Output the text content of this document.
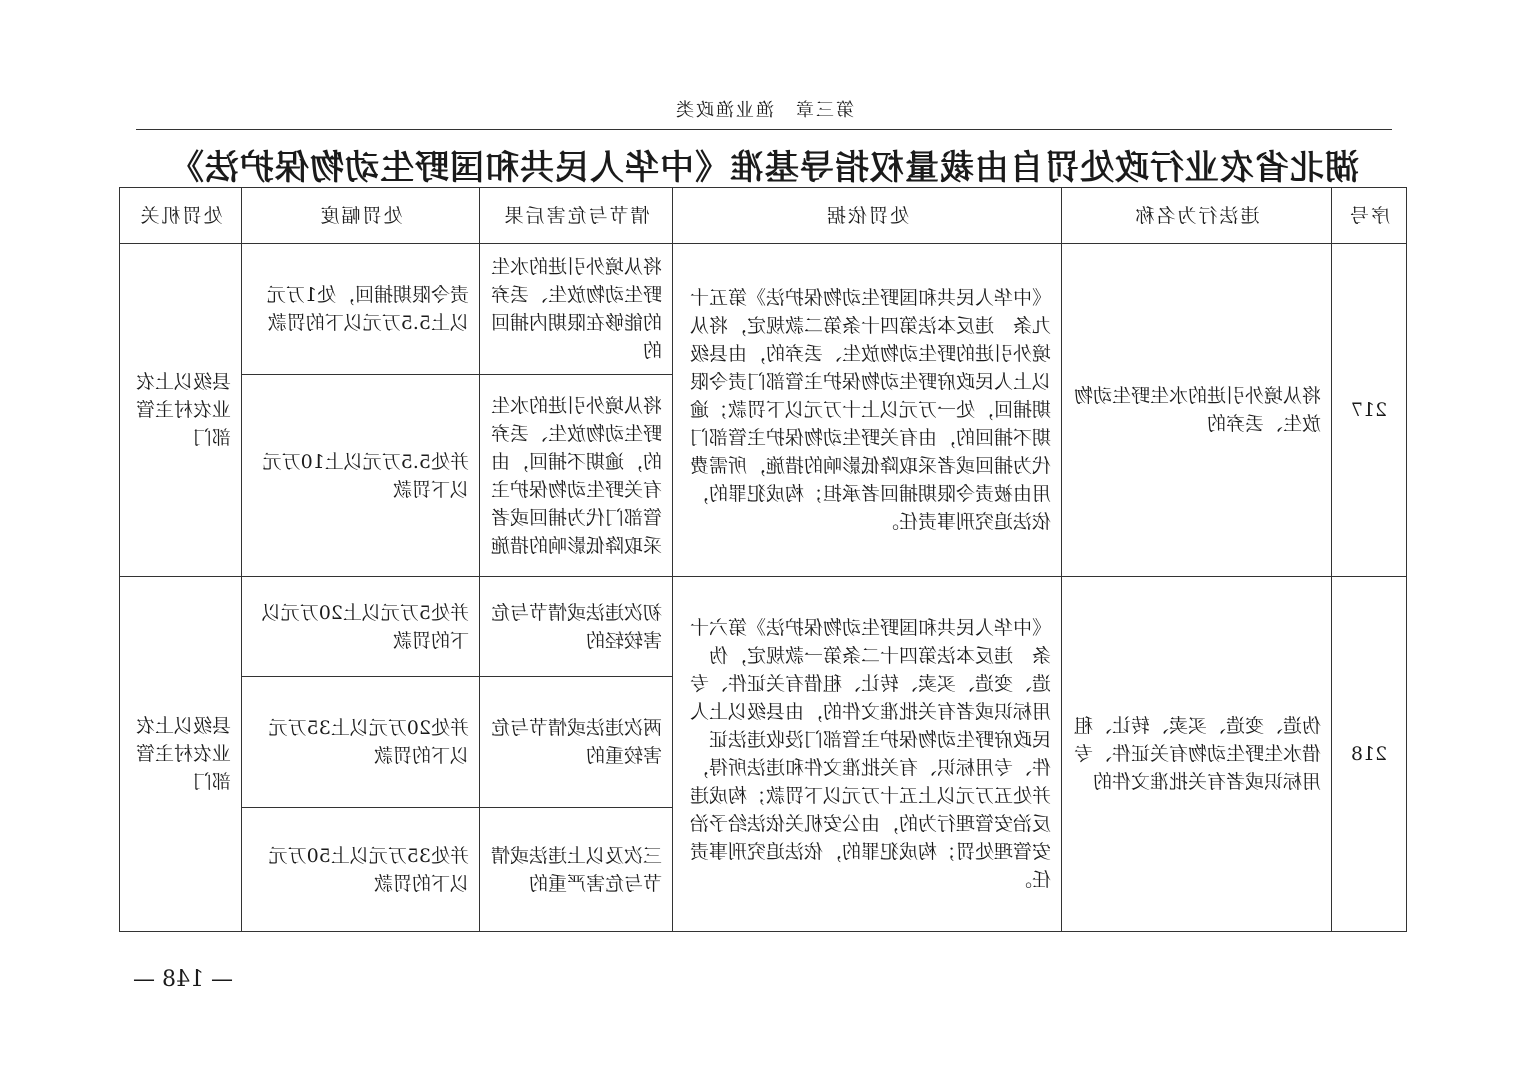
第三章　渔业渔政类
湖北省农业行政处罚自由裁量权指导基准《中华人民共和国野生动物保护法》
序号	违法行为名称	处罚依据	情节与危害后果	处罚幅度	处罚机关
217	将从境外引进的水生野生动物放生、丢弃的	《中华人民共和国野生动物保护法》第五十九条　违反本法第四十条第二款规定，将从境外引进的野生动物放生、丢弃的，由县级以上人民政府野生动物保护主管部门责令限期捕回，处一万元以上十万元以下罚款；逾期不捕回的，由有关野生动物保护主管部门代为捕回或者采取降低影响的措施，所需费用由被责令限期捕回者承担；构成犯罪的，依法追究刑事责任。	将从境外引进的水生野生动物放生、丢弃的能够在限期内捕回的	责令限期捕回，处1万元以上5.5万元以下的罚款	县级以上农业农村主管部门
			将从境外引进的水生野生动物放生、丢弃的，逾期不捕回，由有关野生动物保护主管部门代为捕回或者采取降低影响的措施	并处5.5万元以上10万元以下罚款	
218	伪造、变造、买卖、转让、租借水生野生动物有关证件、专用标识或者有关批准文件的	《中华人民共和国野生动物保护法》第六十条　违反本法第四十二条第一款规定，伪造、变造、买卖、转让、租借有关证件、专用标识或者有关批准文件的，由县级以上人民政府野生动物保护主管部门没收违法证件、专用标识、有关批准文件和违法所得，并处五万元以上五十万元以下罚款；构成违反治安管理行为的，由公安机关依法给予治安管理处罚；构成犯罪的，依法追究刑事责任。	初次违法或情节与危害较轻的	并处5万元以上20万元以下的罚款	县级以上农业农村主管部门
			两次违法或情节与危害较重的	并处20万元以上35万元以下的罚款	
			三次及以上违法或情节与危害严重的	并处35万元以上50万元以下的罚款	
— 148 —
